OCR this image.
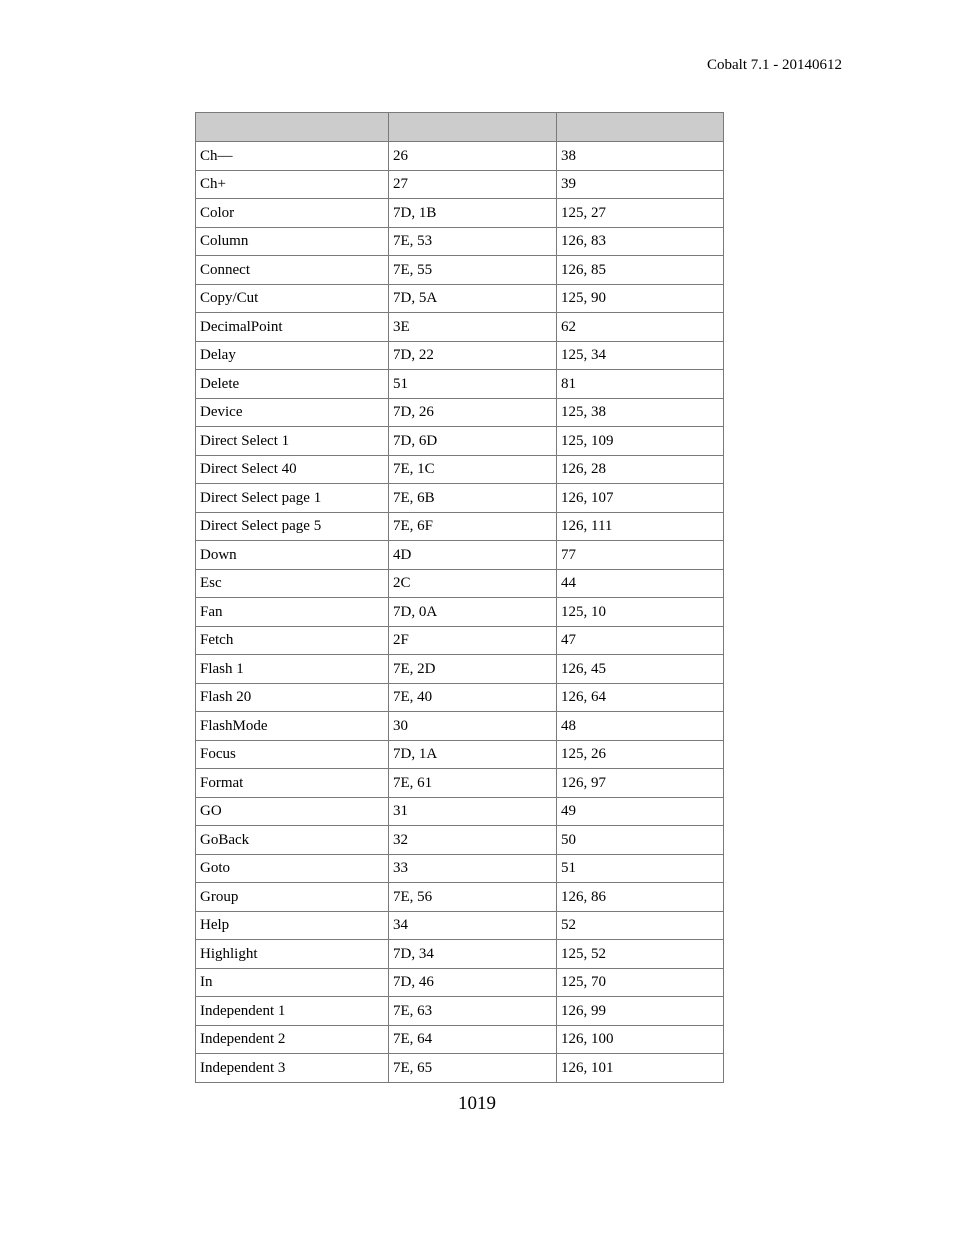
Cobalt 7.1 - 20140612

Ch—	26	38
Ch+	27	39
Color	7D, 1B	125, 27
Column	7E, 53	126, 83
Connect	7E, 55	126, 85
Copy/Cut	7D, 5A	125, 90
DecimalPoint	3E	62
Delay	7D, 22	125, 34
Delete	51	81
Device	7D, 26	125, 38
Direct Select 1	7D, 6D	125, 109
Direct Select 40	7E, 1C	126, 28
Direct Select page 1	7E, 6B	126, 107
Direct Select page 5	7E, 6F	126, 111
Down	4D	77
Esc	2C	44
Fan	7D, 0A	125, 10
Fetch	2F	47
Flash 1	7E, 2D	126, 45
Flash 20	7E, 40	126, 64
FlashMode	30	48
Focus	7D, 1A	125, 26
Format	7E, 61	126, 97
GO	31	49
GoBack	32	50
Goto	33	51
Group	7E, 56	126, 86
Help	34	52
Highlight	7D, 34	125, 52
In	7D, 46	125, 70
Independent 1	7E, 63	126, 99
Independent 2	7E, 64	126, 100
Independent 3	7E, 65	126, 101
1019
